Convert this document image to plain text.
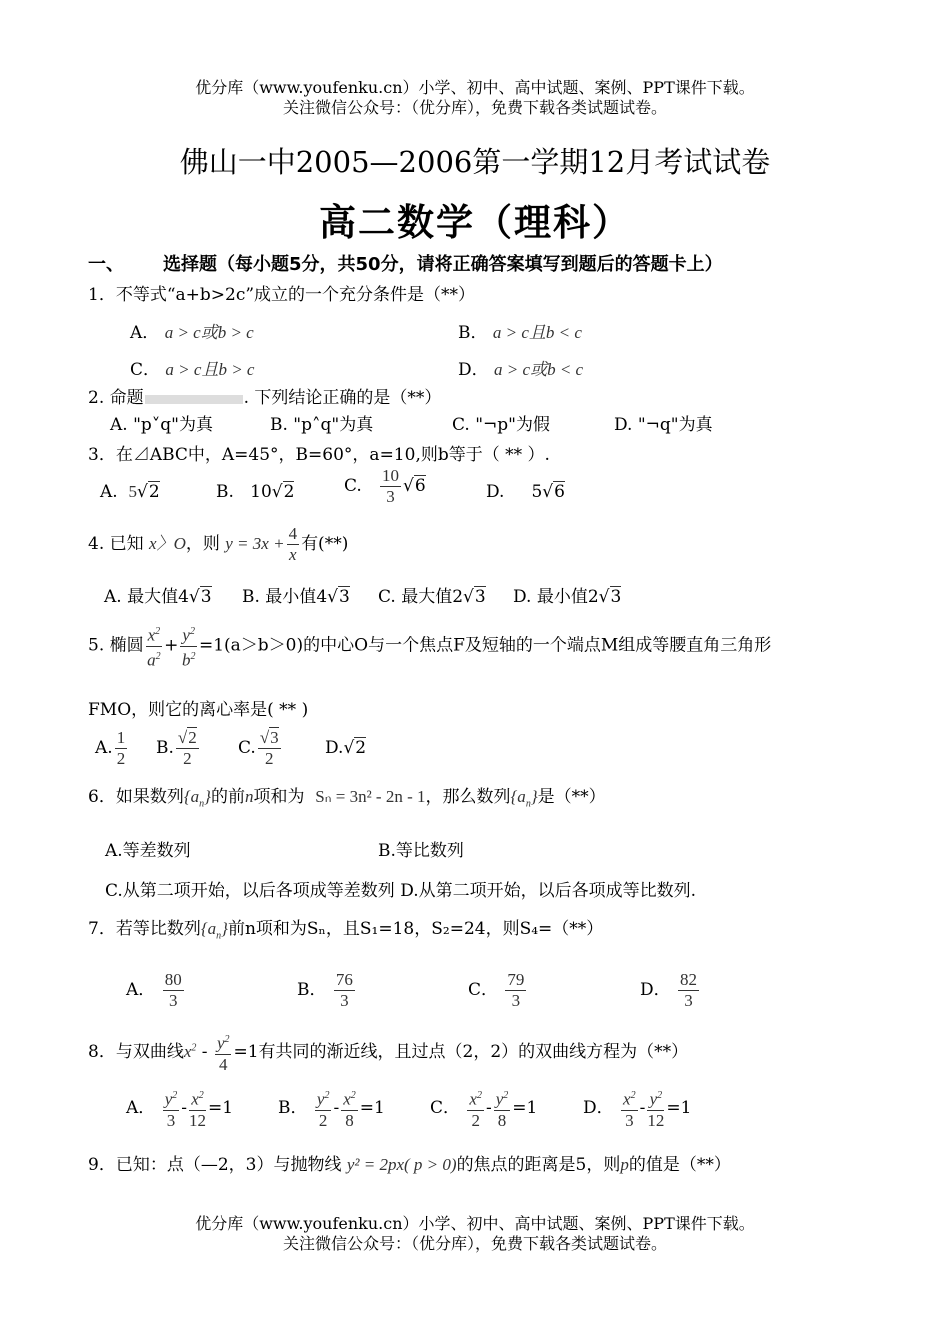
优分库（www.youfenku.cn）小学、初中、高中试题、案例、PPT课件下载。
关注微信公众号：（优分库），免费下载各类试题试卷。
佛山一中2005—2006第一学期12月考试试卷
高二数学（理科）
一、 选择题（每小题5分，共50分，请将正确答案填写到题后的答题卡上）
1．不等式“a+b>2c”成立的一个充分条件是（**）
A． a > c或b > c	B． a > c且b < c
C． a > c且b > c	D． a > c或b < c
2. 命题	. 下列结论正确的是（**）
A. "p˅q"为真	B. "p˄q"为真	C. "¬p"为假	D. "¬q"为真
3．在⊿ABC中，A=45°，B=60°，a=10,则b等于（ ** ）.
A. 5√2	B. 10√2	C. $\frac{10}{3} √6$	D. 5√6
4. 已知 x〉O，则 $y = 3x + \frac{4}{x}$ 有(**)
A. 最大值4√3 B. 最小值4√3 C. 最大值2√3 D. 最小值2√3
5. 椭圆 $\frac{x^2}{a^2} + \frac{y^2}{b^2} =1(a>b>0)$的中心O与一个焦点F及短轴的一个端点M组成等腰直角三角形
FMO，则它的离心率是( ** )
A. $\frac{1}{2} B$. $\frac{√2}{2} C$. $\frac{√3}{2}$	D.√2
6．如果数列$\{a_n\}$的前n项和为 Sₙ = 3n² - 2n - 1，那么数列$\{a_n\}$是（**）
A.等差数列	B.等比数列
C.从第二项开始，以后各项成等差数列 D.从第二项开始，以后各项成等比数列.
7．若等比数列$\{a_n\}$前n项和为Sₙ，且S₁=18，S₂=24，则S₄=（**）
A． $\frac{80}{3}$	B． $\frac{76}{3}$	C． $\frac{79}{3}$	D． $\frac{82}{3}$
8．与双曲线$x^2 - \frac{y^2}{4} =1$有共同的渐近线，且过点（2，2）的双曲线方程为（**）
A． $\frac{y^2}{3} - \frac{x^2}{12} =1$	B． $\frac{y^2}{2} - \frac{x^2}{8} =1$	C． $\frac{x^2}{2} - \frac{y^2}{8} =1$	D． $\frac{x^2}{3} - \frac{y^2}{12} =1$
9．已知：点（—2，3）与抛物线 y² = 2px( p > 0)的焦点的距离是5，则p的值是（**）
优分库（www.youfenku.cn）小学、初中、高中试题、案例、PPT课件下载。
关注微信公众号：（优分库），免费下载各类试题试卷。
